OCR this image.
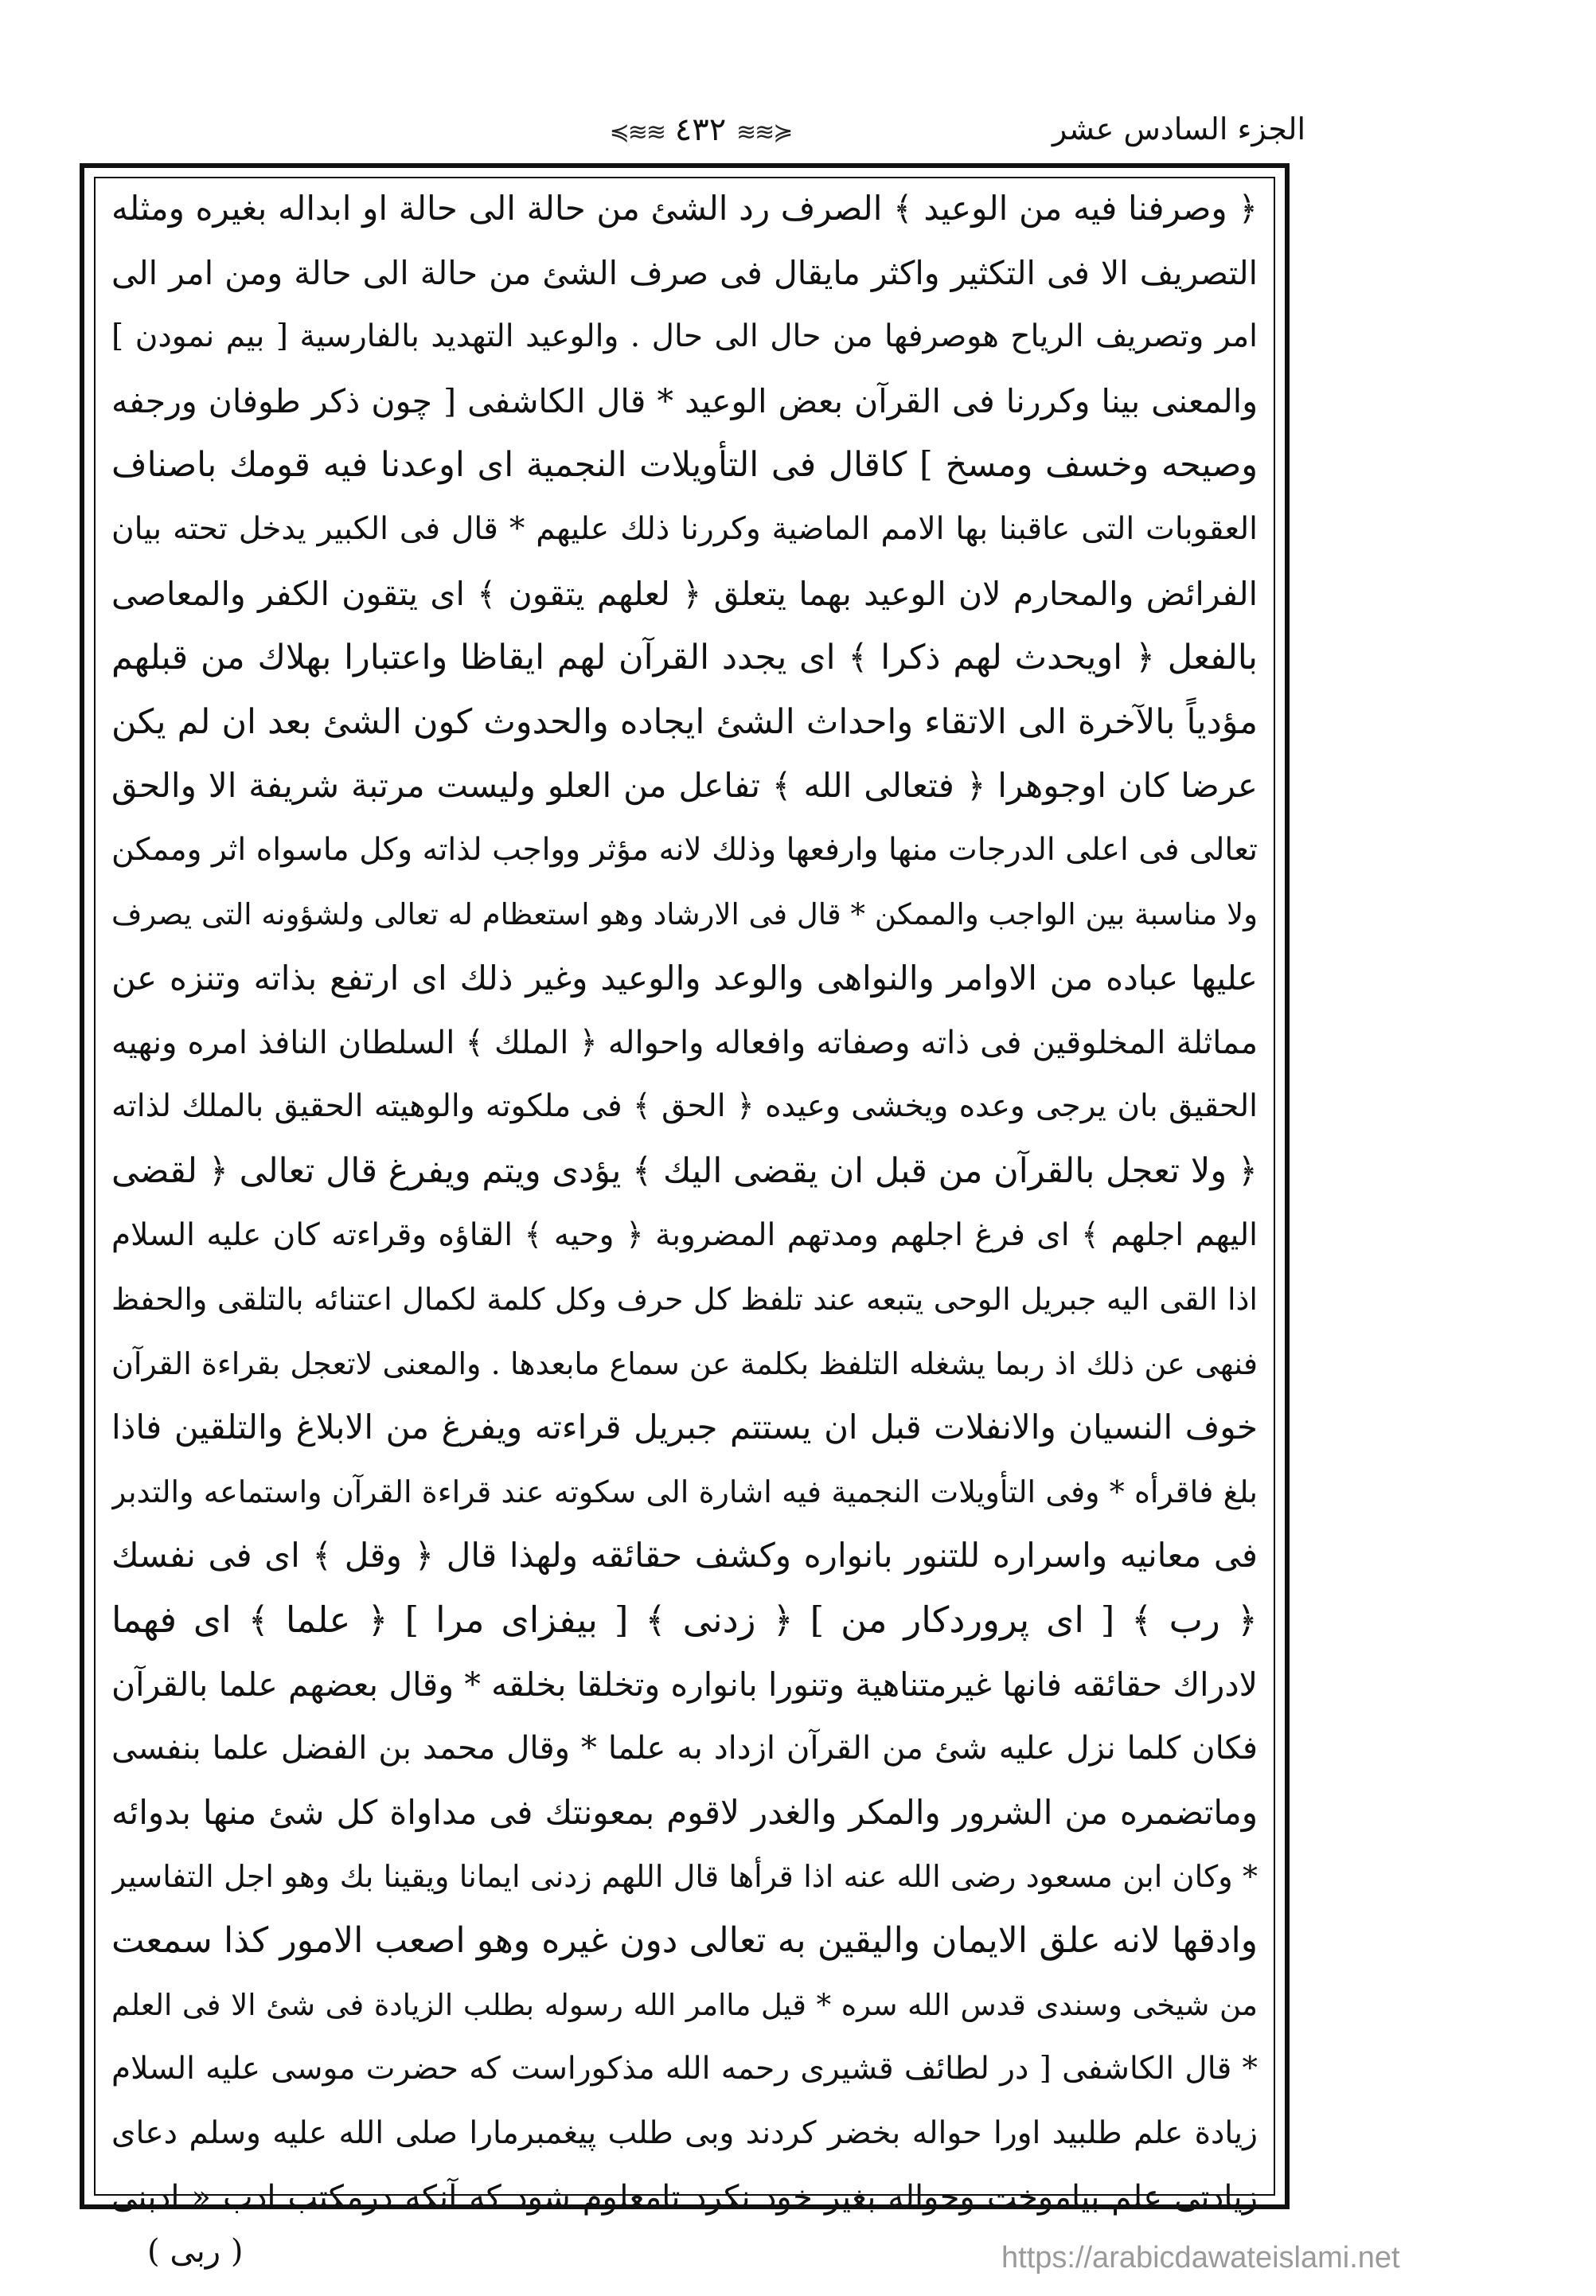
الجزء السادس عشر
≼≋≋ ٤٣٢ ≋≋≽
﴿ وصرفنا فيه من الوعيد ﴾ الصرف رد الشئ من حالة الى حالة او ابداله بغيره ومثله
التصريف الا فى التكثير واكثر مايقال فى صرف الشئ من حالة الى حالة ومن امر الى
امر وتصريف الرياح هوصرفها من حال الى حال . والوعيد التهديد بالفارسية [ بيم نمودن ]
والمعنى بينا وكررنا فى القرآن بعض الوعيد * قال الكاشفى [ چون ذكر طوفان ورجفه
وصيحه وخسف ومسخ ] كاقال فى التأويلات النجمية اى اوعدنا فيه قومك باصناف
العقوبات التى عاقبنا بها الامم الماضية وكررنا ذلك عليهم * قال فى الكبير يدخل تحته بيان
الفرائض والمحارم لان الوعيد بهما يتعلق ﴿ لعلهم يتقون ﴾ اى يتقون الكفر والمعاصى
بالفعل ﴿ اويحدث لهم ذكرا ﴾ اى يجدد القرآن لهم ايقاظا واعتبارا بهلاك من قبلهم
مؤدياً بالآخرة الى الاتقاء واحداث الشئ ايجاده والحدوث كون الشئ بعد ان لم يكن
عرضا كان اوجوهرا ﴿ فتعالى الله ﴾ تفاعل من العلو وليست مرتبة شريفة الا والحق
تعالى فى اعلى الدرجات منها وارفعها وذلك لانه مؤثر وواجب لذاته وكل ماسواه اثر وممكن
ولا مناسبة بين الواجب والممكن * قال فى الارشاد وهو استعظام له تعالى ولشؤونه التى يصرف
عليها عباده من الاوامر والنواهى والوعد والوعيد وغير ذلك اى ارتفع بذاته وتنزه عن
مماثلة المخلوقين فى ذاته وصفاته وافعاله واحواله ﴿ الملك ﴾ السلطان النافذ امره ونهيه
الحقيق بان يرجى وعده ويخشى وعيده ﴿ الحق ﴾ فى ملكوته والوهيته الحقيق بالملك لذاته
﴿ ولا تعجل بالقرآن من قبل ان يقضى اليك ﴾ يؤدى ويتم ويفرغ قال تعالى ﴿ لقضى
اليهم اجلهم ﴾ اى فرغ اجلهم ومدتهم المضروبة ﴿ وحيه ﴾ القاؤه وقراءته كان عليه السلام
اذا القى اليه جبريل الوحى يتبعه عند تلفظ كل حرف وكل كلمة لكمال اعتنائه بالتلقى والحفظ
فنهى عن ذلك اذ ربما يشغله التلفظ بكلمة عن سماع مابعدها . والمعنى لاتعجل بقراءة القرآن
خوف النسيان والانفلات قبل ان يستتم جبريل قراءته ويفرغ من الابلاغ والتلقين فاذا
بلغ فاقرأه * وفى التأويلات النجمية فيه اشارة الى سكوته عند قراءة القرآن واستماعه والتدبر
فى معانيه واسراره للتنور بانواره وكشف حقائقه ولهذا قال ﴿ وقل ﴾ اى فى نفسك
﴿ رب ﴾ [ اى پروردكار من ] ﴿ زدنى ﴾ [ بيفزاى مرا ] ﴿ علما ﴾ اى فهما
لادراك حقائقه فانها غيرمتناهية وتنورا بانواره وتخلقا بخلقه * وقال بعضهم علما بالقرآن
فكان كلما نزل عليه شئ من القرآن ازداد به علما * وقال محمد بن الفضل علما بنفسى
وماتضمره من الشرور والمكر والغدر لاقوم بمعونتك فى مداواة كل شئ منها بدوائه
* وكان ابن مسعود رضى الله عنه اذا قرأها قال اللهم زدنى ايمانا ويقينا بك وهو اجل التفاسير
وادقها لانه علق الايمان واليقين به تعالى دون غيره وهو اصعب الامور كذا سمعت
من شيخى وسندى قدس الله سره * قيل ماامر الله رسوله بطلب الزيادة فى شئ الا فى العلم
* قال الكاشفى [ در لطائف قشيرى رحمه الله مذكوراست كه حضرت موسى عليه السلام
زيادة علم طلبيد اورا حواله بخضر كردند وبى طلب پيغمبرمارا صلى الله عليه وسلم دعاى
زيادتى علم بياموخت وحواله بغير خود نكرد تامعلوم شود كه آنكه درمكتب ادب « ادبنى
( ربى )	https://arabicdawateislami.net
